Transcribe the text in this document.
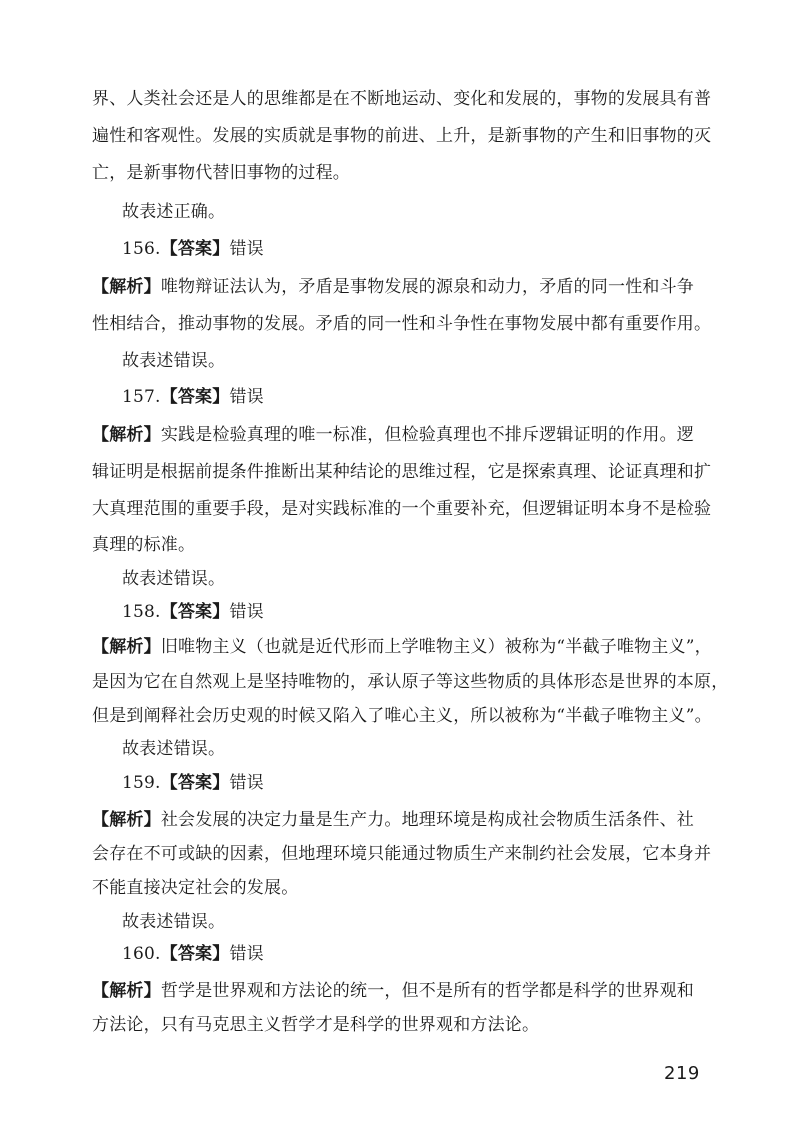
界、人类社会还是人的思维都是在不断地运动、变化和发展的，事物的发展具有普
遍性和客观性。发展的实质就是事物的前进、上升，是新事物的产生和旧事物的灭
亡，是新事物代替旧事物的过程。
故表述正确。
156.【答案】错误
【解析】唯物辩证法认为，矛盾是事物发展的源泉和动力，矛盾的同一性和斗争
性相结合，推动事物的发展。矛盾的同一性和斗争性在事物发展中都有重要作用。
故表述错误。
157.【答案】错误
【解析】实践是检验真理的唯一标准，但检验真理也不排斥逻辑证明的作用。逻
辑证明是根据前提条件推断出某种结论的思维过程，它是探索真理、论证真理和扩
大真理范围的重要手段，是对实践标准的一个重要补充，但逻辑证明本身不是检验
真理的标准。
故表述错误。
158.【答案】错误
【解析】旧唯物主义（也就是近代形而上学唯物主义）被称为“半截子唯物主义”，
是因为它在自然观上是坚持唯物的，承认原子等这些物质的具体形态是世界的本原，
但是到阐释社会历史观的时候又陷入了唯心主义，所以被称为“半截子唯物主义”。
故表述错误。
159.【答案】错误
【解析】社会发展的决定力量是生产力。地理环境是构成社会物质生活条件、社
会存在不可或缺的因素，但地理环境只能通过物质生产来制约社会发展，它本身并
不能直接决定社会的发展。
故表述错误。
160.【答案】错误
【解析】哲学是世界观和方法论的统一，但不是所有的哲学都是科学的世界观和
方法论，只有马克思主义哲学才是科学的世界观和方法论。
219
